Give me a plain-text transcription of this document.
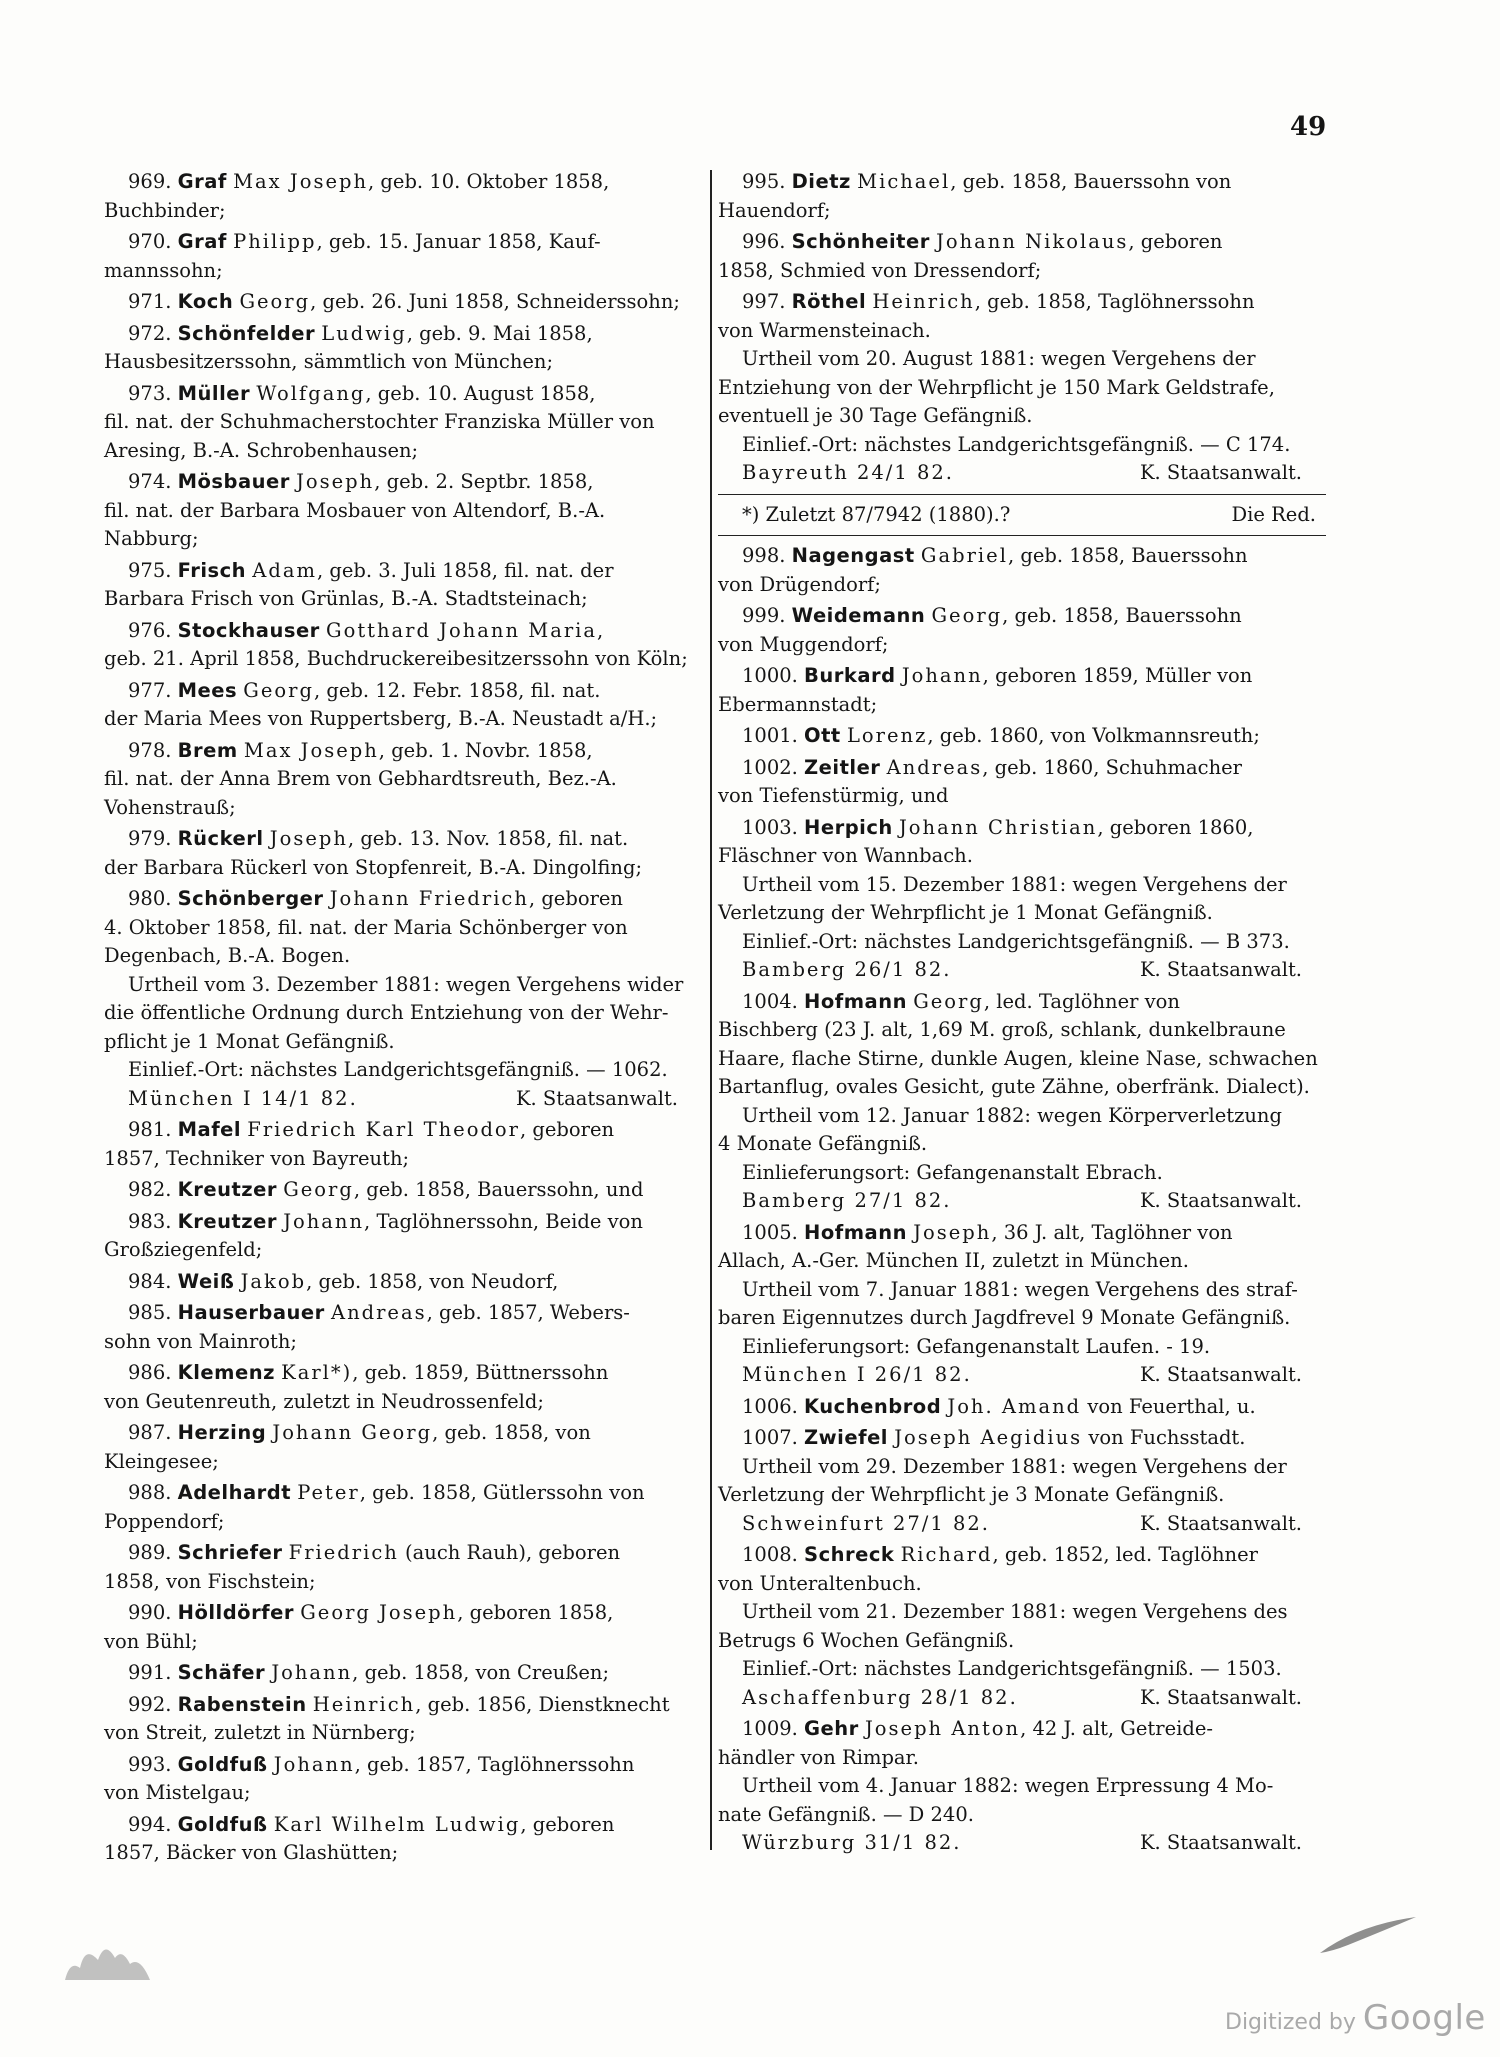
49
969. Graf Max Joseph, geb. 10. Oktober 1858,
Buchbinder;
970. Graf Philipp, geb. 15. Januar 1858, Kauf-
mannssohn;
971. Koch Georg, geb. 26. Juni 1858, Schneiderssohn;
972. Schönfelder Ludwig, geb. 9. Mai 1858,
Hausbesitzerssohn, sämmtlich von München;
973. Müller Wolfgang, geb. 10. August 1858,
fil. nat. der Schuhmacherstochter Franziska Müller von
Aresing, B.-A. Schrobenhausen;
974. Mösbauer Joseph, geb. 2. Septbr. 1858,
fil. nat. der Barbara Mosbauer von Altendorf, B.-A.
Nabburg;
975. Frisch Adam, geb. 3. Juli 1858, fil. nat. der
Barbara Frisch von Grünlas, B.-A. Stadtsteinach;
976. Stockhauser Gotthard Johann Maria,
geb. 21. April 1858, Buchdruckereibesitzerssohn von Köln;
977. Mees Georg, geb. 12. Febr. 1858, fil. nat.
der Maria Mees von Ruppertsberg, B.-A. Neustadt a/H.;
978. Brem Max Joseph, geb. 1. Novbr. 1858,
fil. nat. der Anna Brem von Gebhardtsreuth, Bez.-A.
Vohenstrauß;
979. Rückerl Joseph, geb. 13. Nov. 1858, fil. nat.
der Barbara Rückerl von Stopfenreit, B.-A. Dingolfing;
980. Schönberger Johann Friedrich, geboren
4. Oktober 1858, fil. nat. der Maria Schönberger von
Degenbach, B.-A. Bogen.
Urtheil vom 3. Dezember 1881: wegen Vergehens wider
die öffentliche Ordnung durch Entziehung von der Wehr-
pflicht je 1 Monat Gefängniß.
Einlief.-Ort: nächstes Landgerichtsgefängniß. — 1062.
München I 14/1 82.	K. Staatsanwalt.
981. Mafel Friedrich Karl Theodor, geboren
1857, Techniker von Bayreuth;
982. Kreutzer Georg, geb. 1858, Bauerssohn, und
983. Kreutzer Johann, Taglöhnerssohn, Beide von
Großziegenfeld;
984. Weiß Jakob, geb. 1858, von Neudorf,
985. Hauserbauer Andreas, geb. 1857, Webers-
sohn von Mainroth;
986. Klemenz Karl*), geb. 1859, Büttnerssohn
von Geutenreuth, zuletzt in Neudrossenfeld;
987. Herzing Johann Georg, geb. 1858, von
Kleingesee;
988. Adelhardt Peter, geb. 1858, Gütlerssohn von
Poppendorf;
989. Schriefer Friedrich (auch Rauh), geboren
1858, von Fischstein;
990. Hölldörfer Georg Joseph, geboren 1858,
von Bühl;
991. Schäfer Johann, geb. 1858, von Creußen;
992. Rabenstein Heinrich, geb. 1856, Dienstknecht
von Streit, zuletzt in Nürnberg;
993. Goldfuß Johann, geb. 1857, Taglöhnerssohn
von Mistelgau;
994. Goldfuß Karl Wilhelm Ludwig, geboren
1857, Bäcker von Glashütten;
995. Dietz Michael, geb. 1858, Bauerssohn von
Hauendorf;
996. Schönheiter Johann Nikolaus, geboren
1858, Schmied von Dressendorf;
997. Röthel Heinrich, geb. 1858, Taglöhnerssohn
von Warmensteinach.
Urtheil vom 20. August 1881: wegen Vergehens der
Entziehung von der Wehrpflicht je 150 Mark Geldstrafe,
eventuell je 30 Tage Gefängniß.
Einlief.-Ort: nächstes Landgerichtsgefängniß. — C 174.
Bayreuth 24/1 82.	K. Staatsanwalt.
*) Zuletzt 87/7942 (1880).?	Die Red.
998. Nagengast Gabriel, geb. 1858, Bauerssohn
von Drügendorf;
999. Weidemann Georg, geb. 1858, Bauerssohn
von Muggendorf;
1000. Burkard Johann, geboren 1859, Müller von
Ebermannstadt;
1001. Ott Lorenz, geb. 1860, von Volkmannsreuth;
1002. Zeitler Andreas, geb. 1860, Schuhmacher
von Tiefenstürmig, und
1003. Herpich Johann Christian, geboren 1860,
Fläschner von Wannbach.
Urtheil vom 15. Dezember 1881: wegen Vergehens der
Verletzung der Wehrpflicht je 1 Monat Gefängniß.
Einlief.-Ort: nächstes Landgerichtsgefängniß. — B 373.
Bamberg 26/1 82.	K. Staatsanwalt.
1004. Hofmann Georg, led. Taglöhner von
Bischberg (23 J. alt, 1,69 M. groß, schlank, dunkelbraune
Haare, flache Stirne, dunkle Augen, kleine Nase, schwachen
Bartanflug, ovales Gesicht, gute Zähne, oberfränk. Dialect).
Urtheil vom 12. Januar 1882: wegen Körperverletzung
4 Monate Gefängniß.
Einlieferungsort: Gefangenanstalt Ebrach.
Bamberg 27/1 82.	K. Staatsanwalt.
1005. Hofmann Joseph, 36 J. alt, Taglöhner von
Allach, A.-Ger. München II, zuletzt in München.
Urtheil vom 7. Januar 1881: wegen Vergehens des straf-
baren Eigennutzes durch Jagdfrevel 9 Monate Gefängniß.
Einlieferungsort: Gefangenanstalt Laufen. - 19.
München I 26/1 82.	K. Staatsanwalt.
1006. Kuchenbrod Joh. Amand von Feuerthal, u.
1007. Zwiefel Joseph Aegidius von Fuchsstadt.
Urtheil vom 29. Dezember 1881: wegen Vergehens der
Verletzung der Wehrpflicht je 3 Monate Gefängniß.
Schweinfurt 27/1 82.	K. Staatsanwalt.
1008. Schreck Richard, geb. 1852, led. Taglöhner
von Unteraltenbuch.
Urtheil vom 21. Dezember 1881: wegen Vergehens des
Betrugs 6 Wochen Gefängniß.
Einlief.-Ort: nächstes Landgerichtsgefängniß. — 1503.
Aschaffenburg 28/1 82.	K. Staatsanwalt.
1009. Gehr Joseph Anton, 42 J. alt, Getreide-
händler von Rimpar.
Urtheil vom 4. Januar 1882: wegen Erpressung 4 Mo-
nate Gefängniß. — D 240.
Würzburg 31/1 82.	K. Staatsanwalt.
Digitized by Google
